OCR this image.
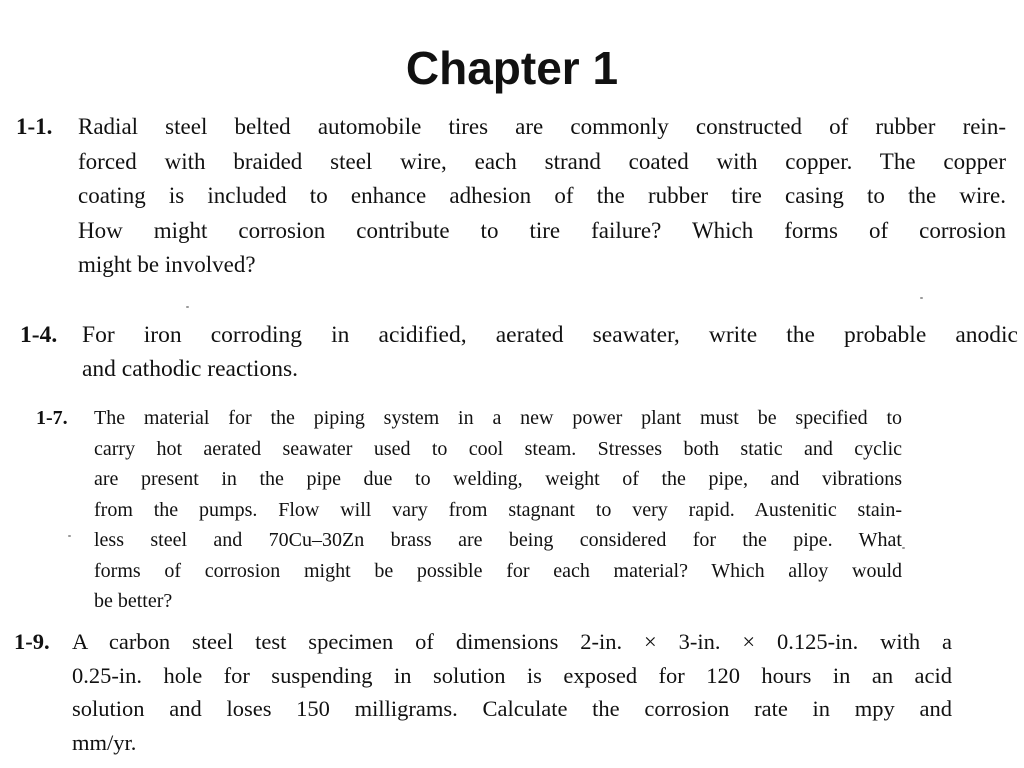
Chapter 1
1-1. Radial steel belted automobile tires are commonly constructed of rubber rein-
forced with braided steel wire, each strand coated with copper. The copper
coating is included to enhance adhesion of the rubber tire casing to the wire.
How might corrosion contribute to tire failure? Which forms of corrosion
might be involved?
1-4. For iron corroding in acidified, aerated seawater, write the probable anodic
and cathodic reactions.
1-7. The material for the piping system in a new power plant must be specified to
carry hot aerated seawater used to cool steam. Stresses both static and cyclic
are present in the pipe due to welding, weight of the pipe, and vibrations
from the pumps. Flow will vary from stagnant to very rapid. Austenitic stain-
less steel and 70Cu–30Zn brass are being considered for the pipe. What
forms of corrosion might be possible for each material? Which alloy would
be better?
1-9. A carbon steel test specimen of dimensions 2-in. × 3-in. × 0.125-in. with a
0.25-in. hole for suspending in solution is exposed for 120 hours in an acid
solution and loses 150 milligrams. Calculate the corrosion rate in mpy and
mm/yr.
